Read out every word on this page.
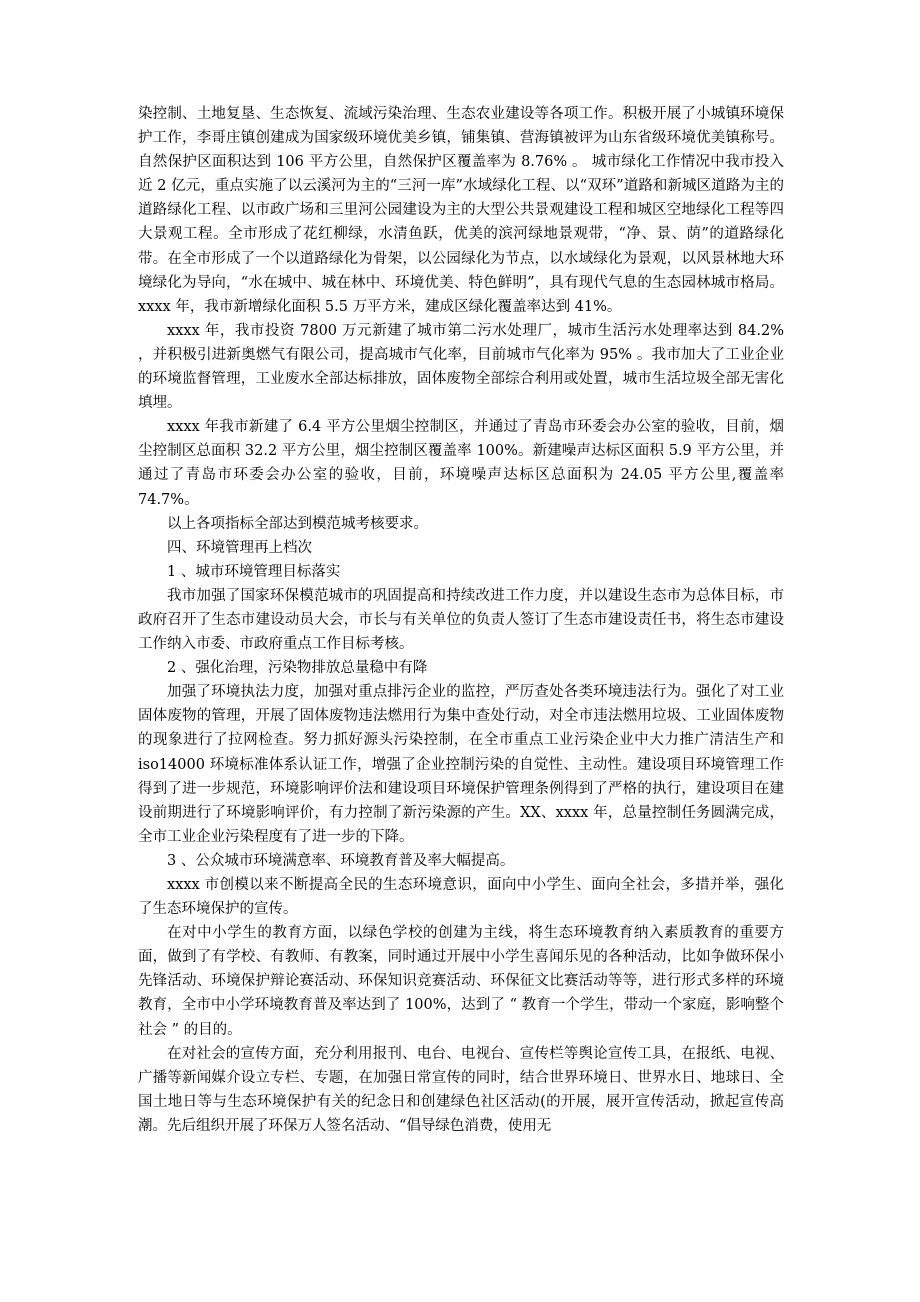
染控制、土地复垦、生态恢复、流域污染治理、生态农业建设等各项工作。积极开展了小城镇环境保护工作，李哥庄镇创建成为国家级环境优美乡镇，铺集镇、营海镇被评为山东省级环境优美镇称号。自然保护区面积达到 106 平方公里，自然保护区覆盖率为 8.76% 。 城市绿化工作情况中我市投入近 2 亿元，重点实施了以云溪河为主的“三河一库”水域绿化工程、以“双环”道路和新城区道路为主的道路绿化工程、以市政广场和三里河公园建设为主的大型公共景观建设工程和城区空地绿化工程等四大景观工程。全市形成了花红柳绿，水清鱼跃，优美的滨河绿地景观带，“净、景、荫”的道路绿化带。在全市形成了一个以道路绿化为骨架，以公园绿化为节点，以水域绿化为景观，以风景林地大环境绿化为导向，“水在城中、城在林中、环境优美、特色鲜明”，具有现代气息的生态园林城市格局。xxxx 年，我市新增绿化面积 5.5 万平方米，建成区绿化覆盖率达到 41%。

xxxx 年，我市投资 7800 万元新建了城市第二污水处理厂，城市生活污水处理率达到 84.2% ，并积极引进新奥燃气有限公司，提高城市气化率，目前城市气化率为 95% 。我市加大了工业企业的环境监督管理，工业废水全部达标排放，固体废物全部综合利用或处置，城市生活垃圾全部无害化填埋。

xxxx 年我市新建了 6.4 平方公里烟尘控制区，并通过了青岛市环委会办公室的验收，目前，烟尘控制区总面积 32.2 平方公里，烟尘控制区覆盖率 100%。新建噪声达标区面积 5.9 平方公里，并通过了青岛市环委会办公室的验收，目前，环境噪声达标区总面积为 24.05 平方公里,覆盖率 74.7%。

以上各项指标全部达到模范城考核要求。

四、环境管理再上档次

1 、城市环境管理目标落实

我市加强了国家环保模范城市的巩固提高和持续改进工作力度，并以建设生态市为总体目标，市政府召开了生态市建设动员大会，市长与有关单位的负责人签订了生态市建设责任书，将生态市建设工作纳入市委、市政府重点工作目标考核。

2 、强化治理，污染物排放总量稳中有降

加强了环境执法力度，加强对重点排污企业的监控，严厉查处各类环境违法行为。强化了对工业固体废物的管理，开展了固体废物违法燃用行为集中查处行动，对全市违法燃用垃圾、工业固体废物的现象进行了拉网检查。努力抓好源头污染控制，在全市重点工业污染企业中大力推广清洁生产和 iso14000 环境标准体系认证工作，增强了企业控制污染的自觉性、主动性。建设项目环境管理工作得到了进一步规范，环境影响评价法和建设项目环境保护管理条例得到了严格的执行，建设项目在建设前期进行了环境影响评价，有力控制了新污染源的产生。XX、xxxx 年，总量控制任务圆满完成，全市工业企业污染程度有了进一步的下降。

3 、公众城市环境满意率、环境教育普及率大幅提高。

xxxx 市创模以来不断提高全民的生态环境意识，面向中小学生、面向全社会，多措并举，强化了生态环境保护的宣传。

在对中小学生的教育方面，以绿色学校的创建为主线，将生态环境教育纳入素质教育的重要方面，做到了有学校、有教师、有教案，同时通过开展中小学生喜闻乐见的各种活动，比如争做环保小先锋活动、环境保护辩论赛活动、环保知识竞赛活动、环保征文比赛活动等等，进行形式多样的环境教育，全市中小学环境教育普及率达到了 100%，达到了 “ 教育一个学生，带动一个家庭，影响整个社会 ” 的目的。

在对社会的宣传方面，充分利用报刊、电台、电视台、宣传栏等舆论宣传工具，在报纸、电视、广播等新闻媒介设立专栏、专题，在加强日常宣传的同时，结合世界环境日、世界水日、地球日、全国土地日等与生态环境保护有关的纪念日和创建绿色社区活动(的开展，展开宣传活动，掀起宣传高潮。先后组织开展了环保万人签名活动、“倡导绿色消费，使用无
